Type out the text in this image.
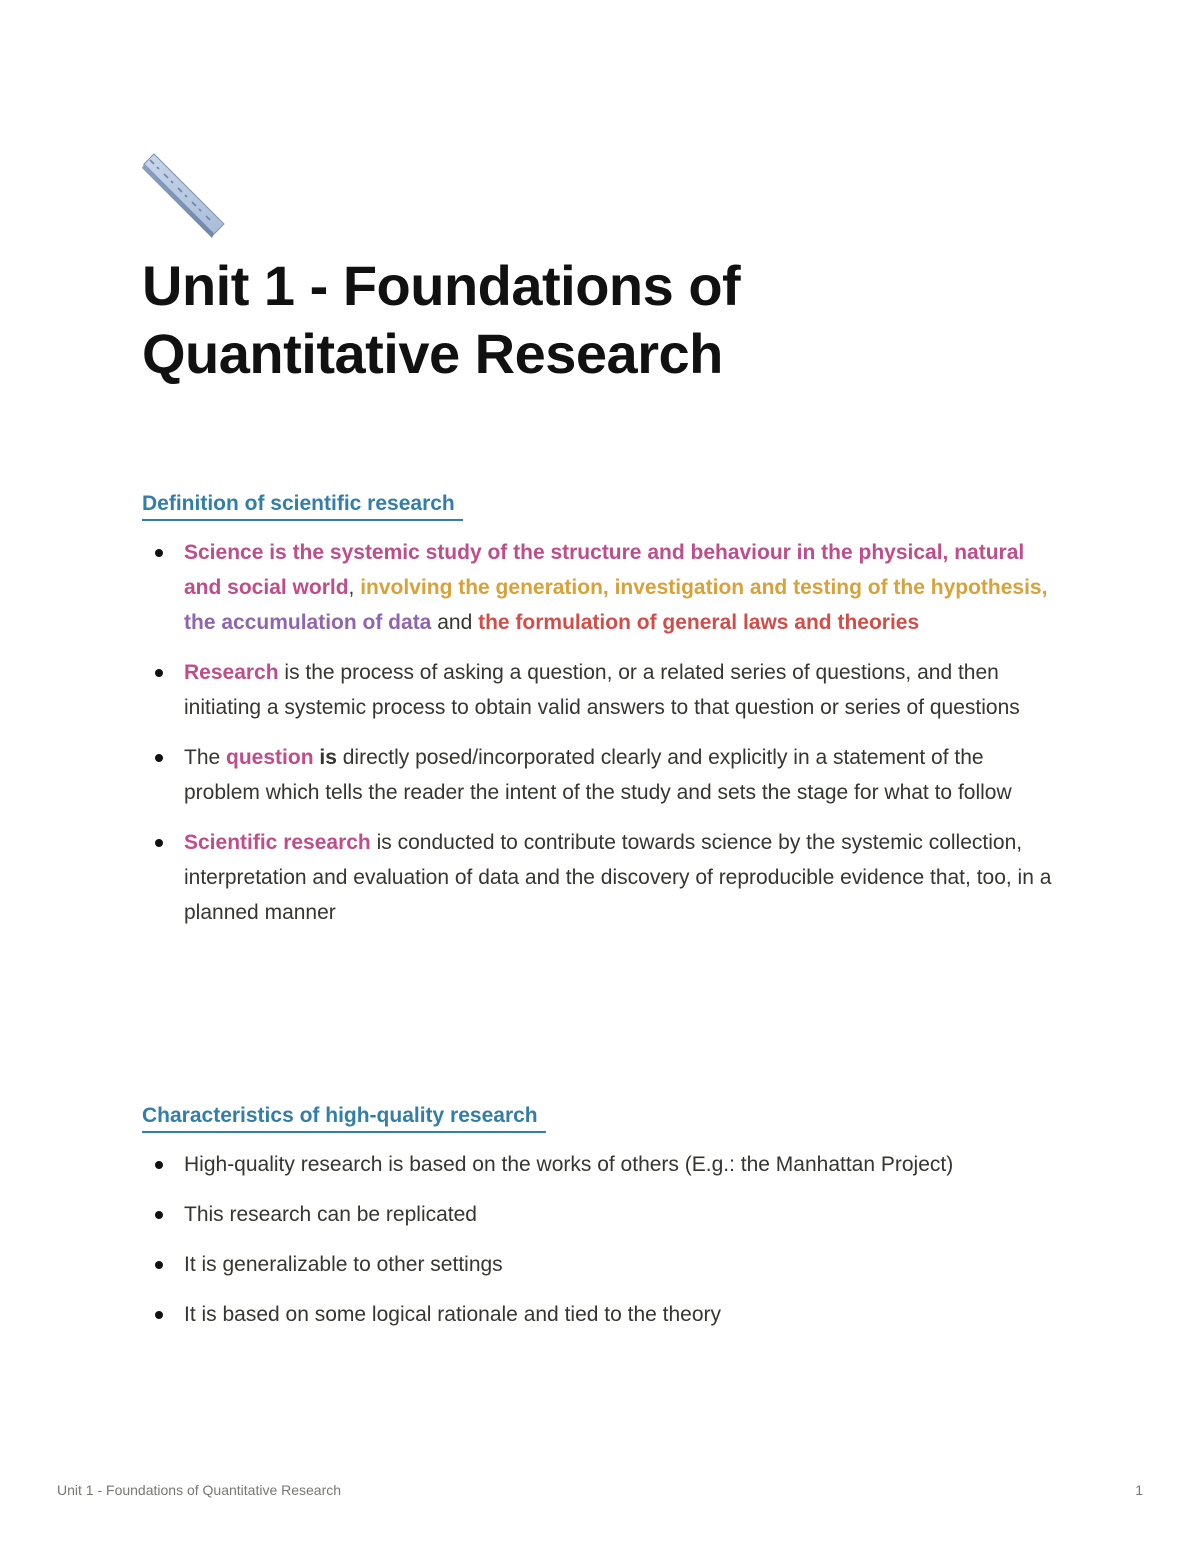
Unit 1 - Foundations of Quantitative Research
Definition of scientific research
Science is the systemic study of the structure and behaviour in the physical, natural and social world, involving the generation, investigation and testing of the hypothesis, the accumulation of data and the formulation of general laws and theories
Research is the process of asking a question, or a related series of questions, and then initiating a systemic process to obtain valid answers to that question or series of questions
The question is directly posed/incorporated clearly and explicitly in a statement of the problem which tells the reader the intent of the study and sets the stage for what to follow
Scientific research is conducted to contribute towards science by the systemic collection, interpretation and evaluation of data and the discovery of reproducible evidence that, too, in a planned manner
Characteristics of high-quality research
High-quality research is based on the works of others (E.g.: the Manhattan Project)
This research can be replicated
It is generalizable to other settings
It is based on some logical rationale and tied to the theory
Unit 1 - Foundations of Quantitative Research	1
